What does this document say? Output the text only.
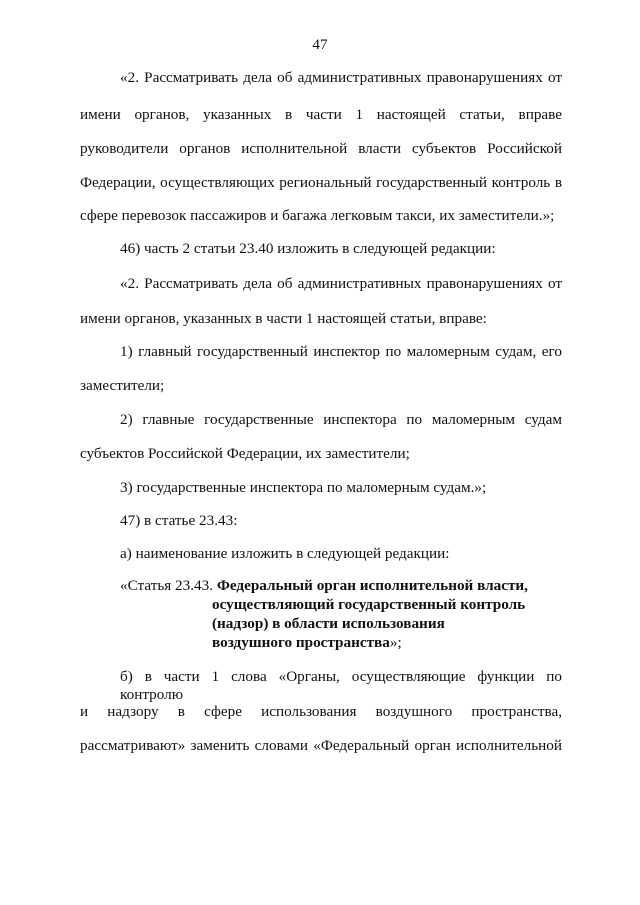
47
«2. Рассматривать дела об административных правонарушениях от
имени органов, указанных в части 1 настоящей статьи, вправе
руководители органов исполнительной власти субъектов Российской
Федерации, осуществляющих региональный государственный контроль в
сфере перевозок пассажиров и багажа легковым такси, их заместители.»;
46) часть 2 статьи 23.40 изложить в следующей редакции:
«2. Рассматривать дела об административных правонарушениях от
имени органов, указанных в части 1 настоящей статьи, вправе:
1) главный государственный инспектор по маломерным судам, его
заместители;
2) главные государственные инспектора по маломерным судам
субъектов Российской Федерации, их заместители;
3) государственные инспектора по маломерным судам.»;
47) в статье 23.43:
а) наименование изложить в следующей редакции:
«Статья 23.43. Федеральный орган исполнительной власти,
осуществляющий государственный контроль
(надзор) в области использования
воздушного пространства»;
б) в части 1 слова «Органы, осуществляющие функции по контролю
и надзору в сфере использования воздушного пространства,
рассматривают» заменить словами «Федеральный орган исполнительной
